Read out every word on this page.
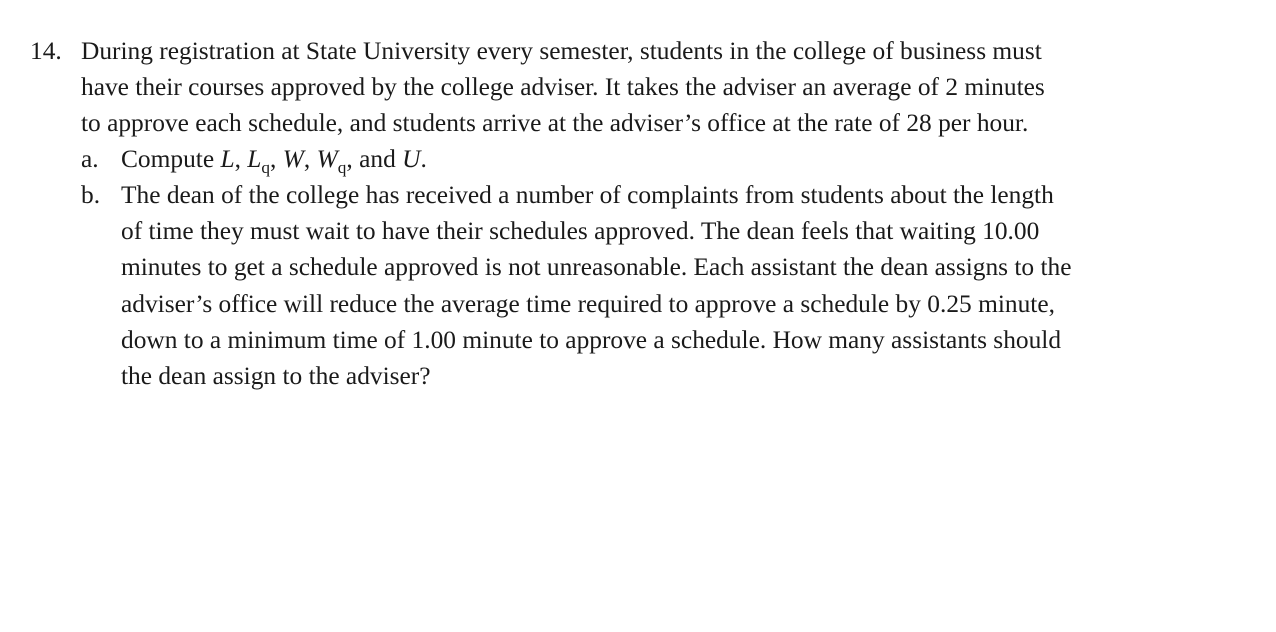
14. During registration at State University every semester, students in the college of business must
have their courses approved by the college adviser. It takes the adviser an average of 2 minutes
to approve each schedule, and students arrive at the adviser’s office at the rate of 28 per hour.
a. Compute L, $L_q$, W, $W_q$, and U.
b. The dean of the college has received a number of complaints from students about the length
of time they must wait to have their schedules approved. The dean feels that waiting 10.00
minutes to get a schedule approved is not unreasonable. Each assistant the dean assigns to the
adviser’s office will reduce the average time required to approve a schedule by 0.25 minute,
down to a minimum time of 1.00 minute to approve a schedule. How many assistants should
the dean assign to the adviser?
